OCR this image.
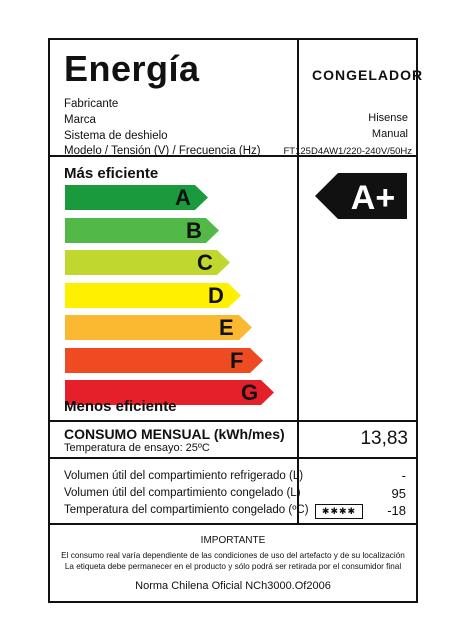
Energía	CONGELADOR
Fabricante
Marca
Sistema de deshielo
Modelo / Tensión (V) / Frecuencia (Hz)
Hisense
Manual
FT125D4AW1/220-240V/50Hz
Más eficiente
A
B
C
D
E
F
G
Menos eficiente
A+
CONSUMO MENSUAL (kWh/mes)
Temperatura de ensayo: 25ºC	13,83
Volumen útil del compartimiento refrigerado (L)
Volumen útil del compartimiento congelado (L)
Temperatura del compartimiento congelado (ºC)
-
95
-18
✱✱✱✱
IMPORTANTE
El consumo real varía dependiente de las condiciones de uso del artefacto y de su localización
La etiqueta debe permanecer en el producto y sólo podrá ser retirada por el consumidor final
Norma Chilena Oficial NCh3000.Of2006
